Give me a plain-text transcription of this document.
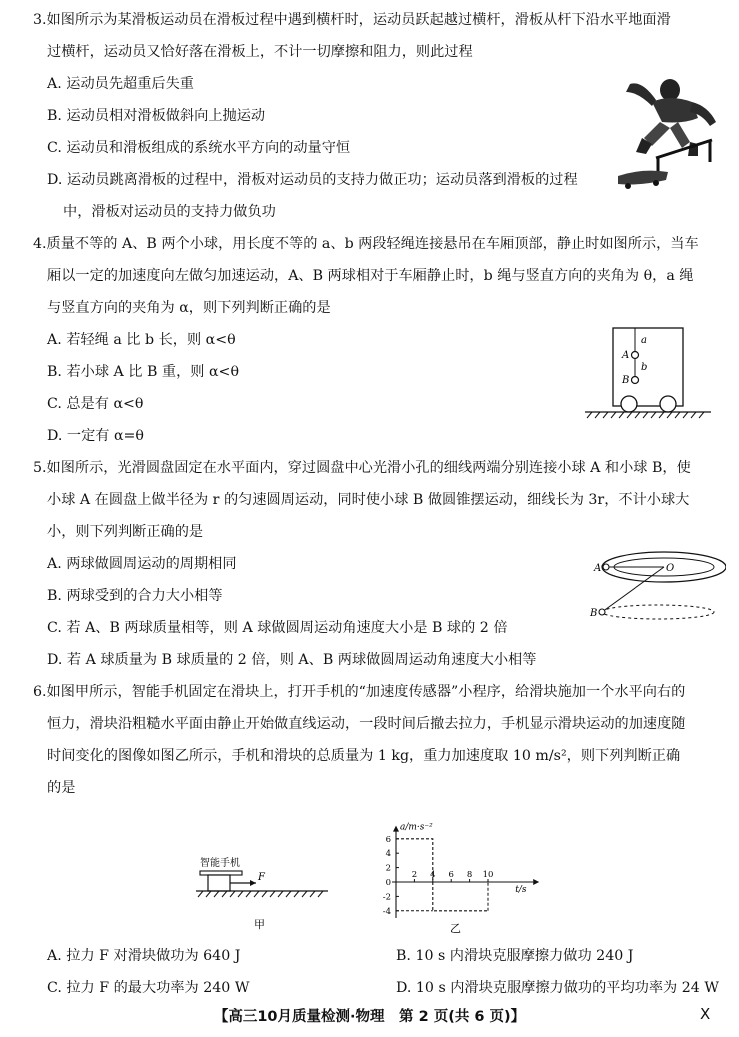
3.如图所示为某滑板运动员在滑板过程中遇到横杆时，运动员跃起越过横杆，滑板从杆下沿水平地面滑
过横杆，运动员又恰好落在滑板上，不计一切摩擦和阻力，则此过程
A. 运动员先超重后失重
B. 运动员相对滑板做斜向上抛运动
C. 运动员和滑板组成的系统水平方向的动量守恒
D. 运动员跳离滑板的过程中，滑板对运动员的支持力做正功；运动员落到滑板的过程
中，滑板对运动员的支持力做负功
4.质量不等的 A、B 两个小球，用长度不等的 a、b 两段轻绳连接悬吊在车厢顶部，静止时如图所示，当车
厢以一定的加速度向左做匀加速运动，A、B 两球相对于车厢静止时，b 绳与竖直方向的夹角为 θ，a 绳
与竖直方向的夹角为 α，则下列判断正确的是
A. 若轻绳 a 比 b 长，则 α<θ
B. 若小球 A 比 B 重，则 α<θ
C. 总是有 α<θ
D. 一定有 α=θ
a
b
A
B
5.如图所示，光滑圆盘固定在水平面内，穿过圆盘中心光滑小孔的细线两端分别连接小球 A 和小球 B，使
小球 A 在圆盘上做半径为 r 的匀速圆周运动，同时使小球 B 做圆锥摆运动，细线长为 3r，不计小球大
小，则下列判断正确的是
A. 两球做圆周运动的周期相同
B. 两球受到的合力大小相等
C. 若 A、B 两球质量相等，则 A 球做圆周运动角速度大小是 B 球的 2 倍
D. 若 A 球质量为 B 球质量的 2 倍，则 A、B 两球做圆周运动角速度大小相等
A	O
B
6.如图甲所示，智能手机固定在滑块上，打开手机的“加速度传感器”小程序，给滑块施加一个水平向右的
恒力，滑块沿粗糙水平面由静止开始做直线运动，一段时间后撤去拉力，手机显示滑块运动的加速度随
时间变化的图像如图乙所示，手机和滑块的总质量为 1 kg，重力加速度取 10 m/s²，则下列判断正确
的是
智能手机
F
甲
6
4
2
0
-2
-4
2 4 6 8 10
a/m·s⁻²
t/s
乙
A. 拉力 F 对滑块做功为 640 J	B. 10 s 内滑块克服摩擦力做功 240 J
C. 拉力 F 的最大功率为 240 W	D. 10 s 内滑块克服摩擦力做功的平均功率为 24 W
【高三10月质量检测·物理　第 2 页(共 6 页)】	X
